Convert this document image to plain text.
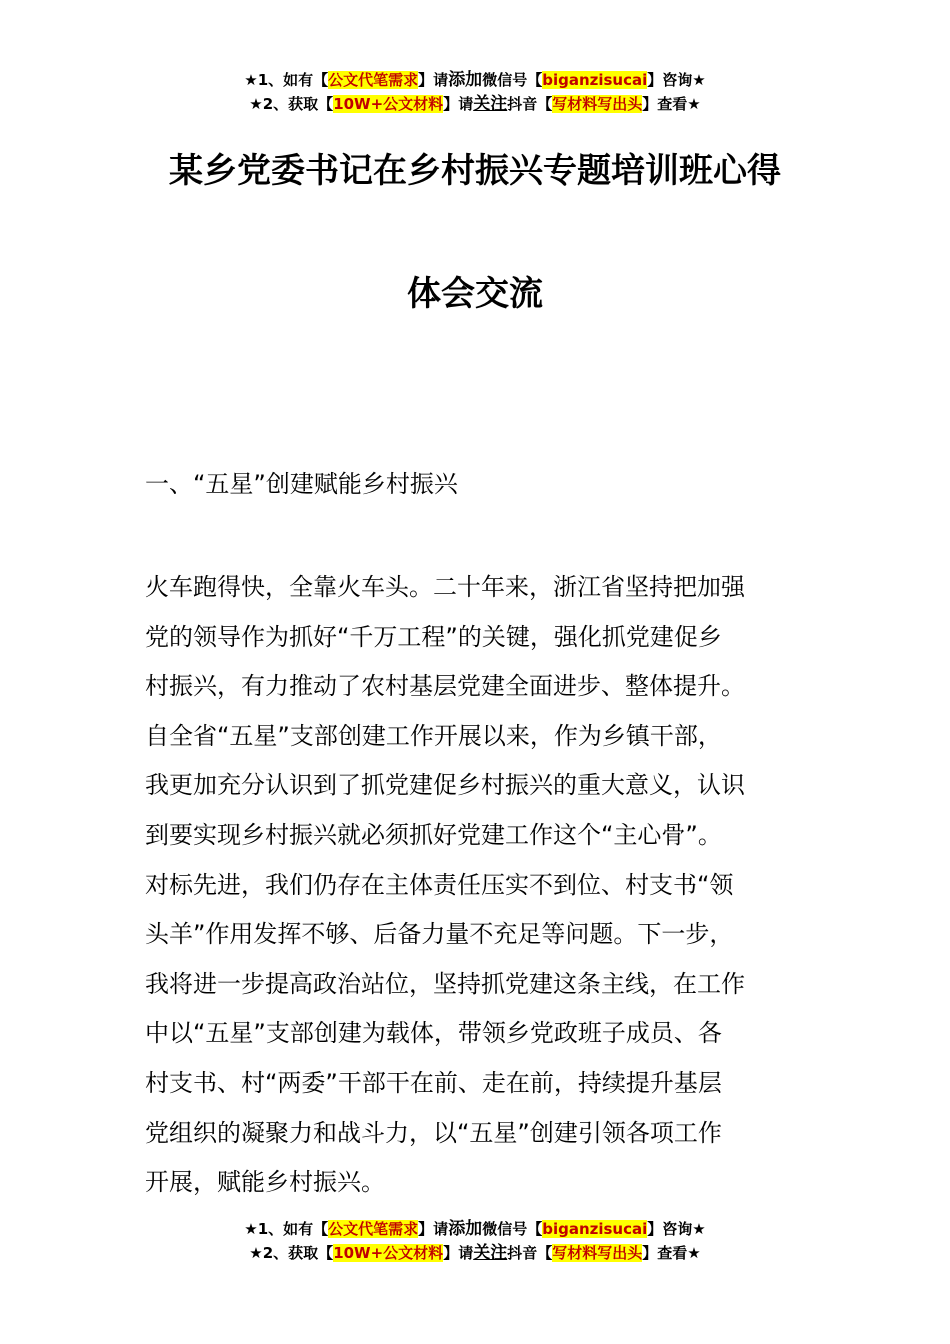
★1、如有【公文代笔需求】请添加微信号【biganzisucai】咨询★
★2、获取【10W+公文材料】请关注抖音【写材料写出头】查看★
某乡党委书记在乡村振兴专题培训班心得
体会交流
一、“五星”创建赋能乡村振兴

火车跑得快，全靠火车头。二十年来，浙江省坚持把加强
党的领导作为抓好“千万工程”的关键，强化抓党建促乡
村振兴，有力推动了农村基层党建全面进步、整体提升。
自全省“五星”支部创建工作开展以来，作为乡镇干部，
我更加充分认识到了抓党建促乡村振兴的重大意义，认识
到要实现乡村振兴就必须抓好党建工作这个“主心骨”。
对标先进，我们仍存在主体责任压实不到位、村支书“领
头羊”作用发挥不够、后备力量不充足等问题。下一步，
我将进一步提高政治站位，坚持抓党建这条主线，在工作
中以“五星”支部创建为载体，带领乡党政班子成员、各
村支书、村“两委”干部干在前、走在前，持续提升基层
党组织的凝聚力和战斗力，以“五星”创建引领各项工作
开展，赋能乡村振兴。

★1、如有【公文代笔需求】请添加微信号【biganzisucai】咨询★
★2、获取【10W+公文材料】请关注抖音【写材料写出头】查看★
